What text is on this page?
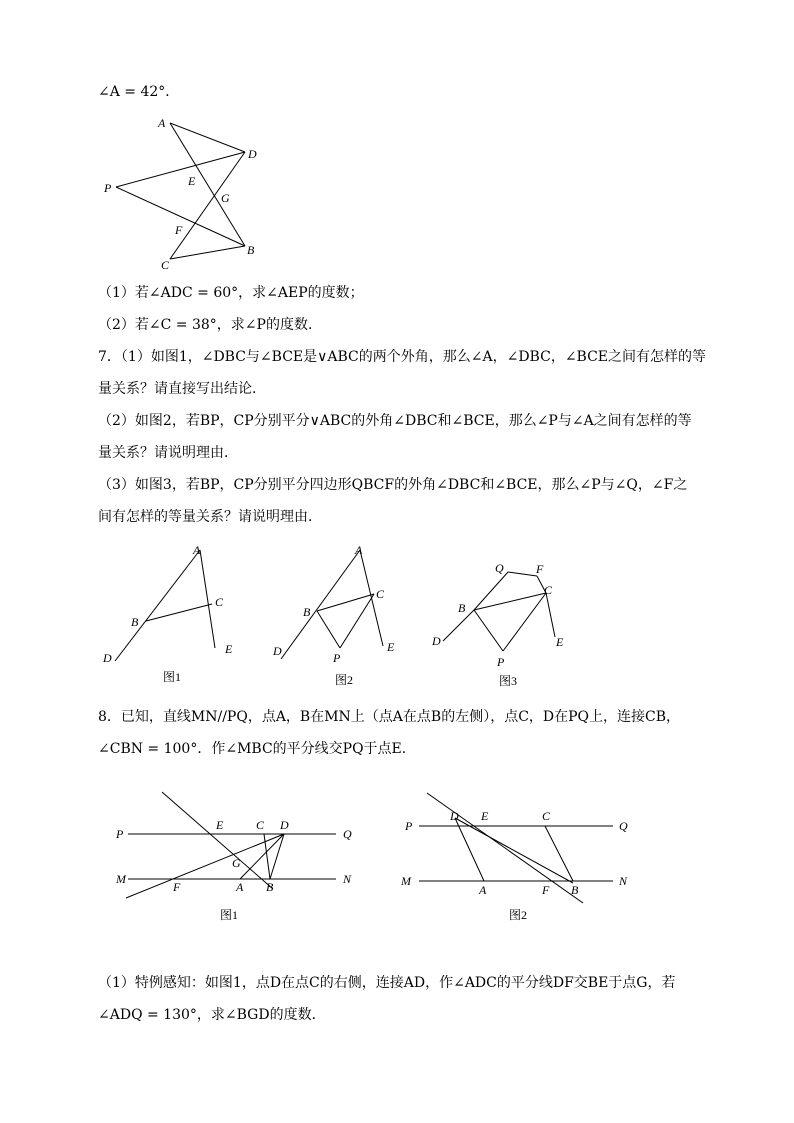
∠A = 42°．
A
D
P	E
G
F
B
C
（1）若∠ADC = 60°，求∠AEP的度数；
（2）若∠C = 38°，求∠P的度数．
7．（1）如图1，∠DBC与∠BCE是∨ABC的两个外角，那么∠A，∠DBC，∠BCE之间有怎样的等
量关系？请直接写出结论．
（2）如图2，若BP，CP分别平分∨ABC的外角∠DBC和∠BCE，那么∠P与∠A之间有怎样的等
量关系？请说明理由．
（3）如图3，若BP，CP分别平分四边形QBCF的外角∠DBC和∠BCE，那么∠P与∠Q，∠F之
间有怎样的等量关系？请说明理由．
A
B
C
D
E
图1
A
B
C
D	E
P
图2
Q	F
B
C
D	E
P
图3
8．已知，直线MN//PQ，点A，B在MN上（点A在点B的左侧），点C，D在PQ上，连接CB，
∠CBN = 100°．作∠MBC的平分线交PQ于点E．
P	Q
M	N
E	C D
G
F	A B
图1
P	Q
M	N
D E	C
A	F B
图2
（1）特例感知：如图1，点D在点C的右侧，连接AD，作∠ADC的平分线DF交BE于点G，若
∠ADQ = 130°，求∠BGD的度数．
